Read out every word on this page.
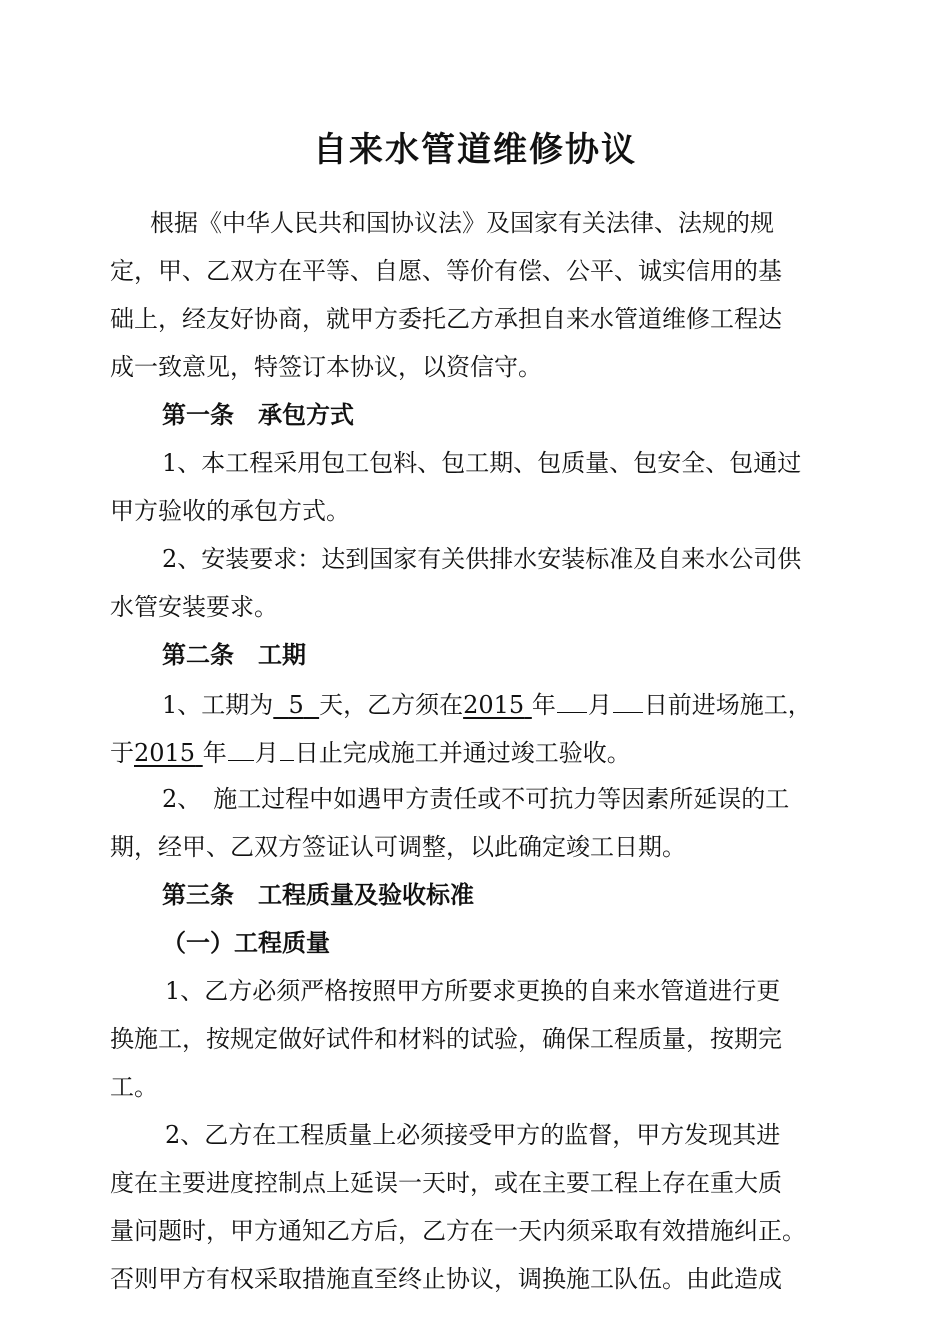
自来水管道维修协议
根据《中华人民共和国协议法》及国家有关法律、法规的规
定，甲、乙双方在平等、自愿、等价有偿、公平、诚实信用的基
础上，经友好协商，就甲方委托乙方承担自来水管道维修工程达
成一致意见，特签订本协议，以资信守。
第一条　承包方式
1、本工程采用包工包料、包工期、包质量、包安全、包通过
甲方验收的承包方式。
2、安装要求：达到国家有关供排水安装标准及自来水公司供
水管安装要求。
第二条　工期
1、工期为 5 天，乙方须在2015 年 月 日前进场施工，
于2015 年 月 日止完成施工并通过竣工验收。
2、　施工过程中如遇甲方责任或不可抗力等因素所延误的工
期，经甲、乙双方签证认可调整，以此确定竣工日期。
第三条　工程质量及验收标准
（一）工程质量
1、乙方必须严格按照甲方所要求更换的自来水管道进行更
换施工，按规定做好试件和材料的试验，确保工程质量，按期完
工。
2、乙方在工程质量上必须接受甲方的监督，甲方发现其进
度在主要进度控制点上延误一天时，或在主要工程上存在重大质
量问题时，甲方通知乙方后，乙方在一天内须采取有效措施纠正。
否则甲方有权采取措施直至终止协议，调换施工队伍。由此造成
